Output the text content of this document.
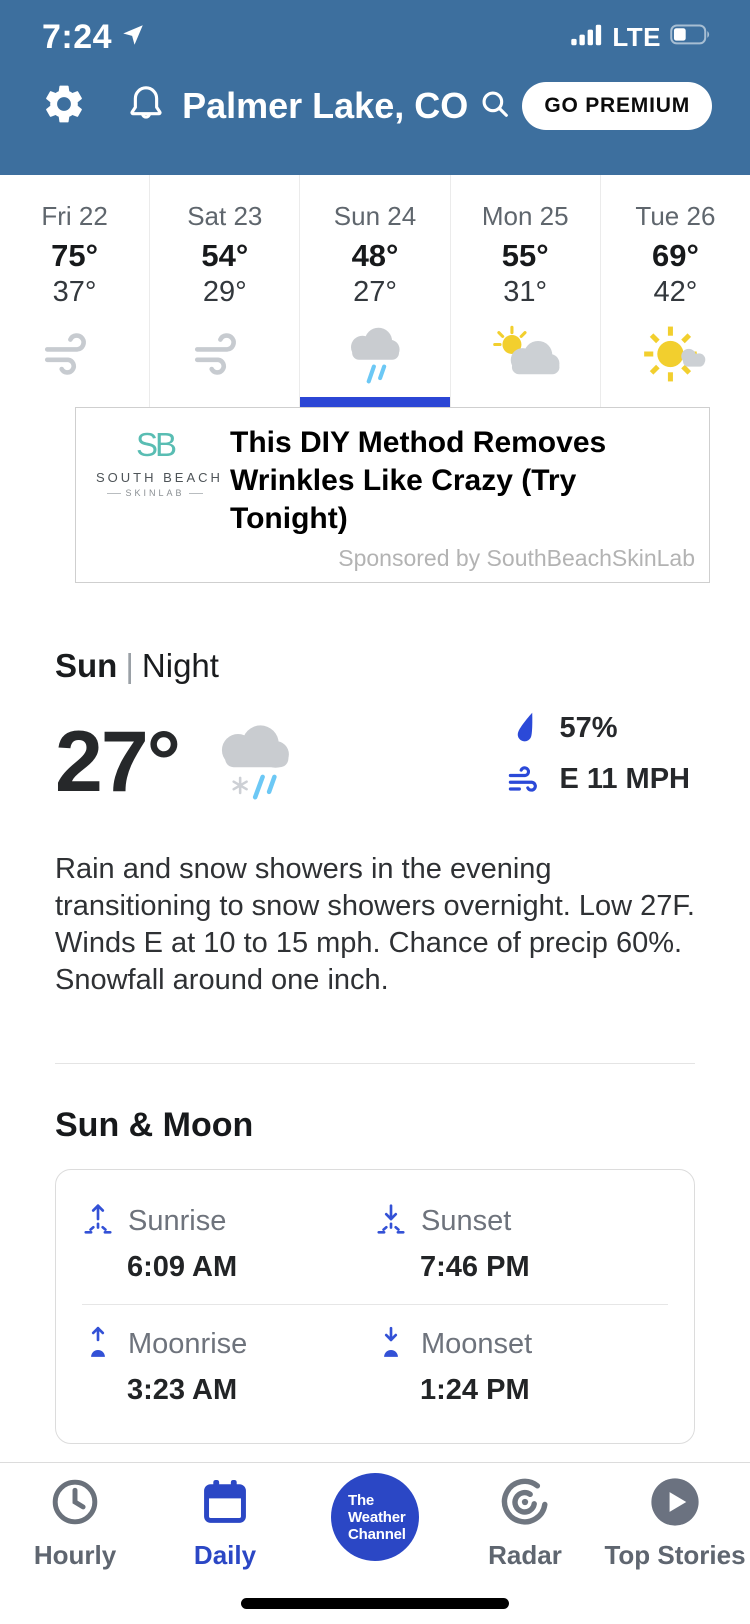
7:24	LTE
Palmer Lake, CO	GO PREMIUM
Fri 22
75°
37°
Sat 23
54°
29°
Sun 24
48°
27°
Mon 25
55°
31°
Tue 26
69°
42°
SB
SOUTH BEACH
SKINLAB
This DIY Method Removes Wrinkles Like Crazy (Try Tonight)
Sponsored by SouthBeachSkinLab
Sun | Night
27°	57%
E 11 MPH
Rain and snow showers in the evening transitioning to snow showers overnight. Low 27F. Winds E at 10 to 15 mph. Chance of precip 60%. Snowfall around one inch.
Sun & Moon
Sunrise
6:09 AM
Sunset
7:46 PM
Moonrise
3:23 AM
Moonset
1:24 PM
Hourly	Daily
The
Weather
Channel
Radar Top Stories
